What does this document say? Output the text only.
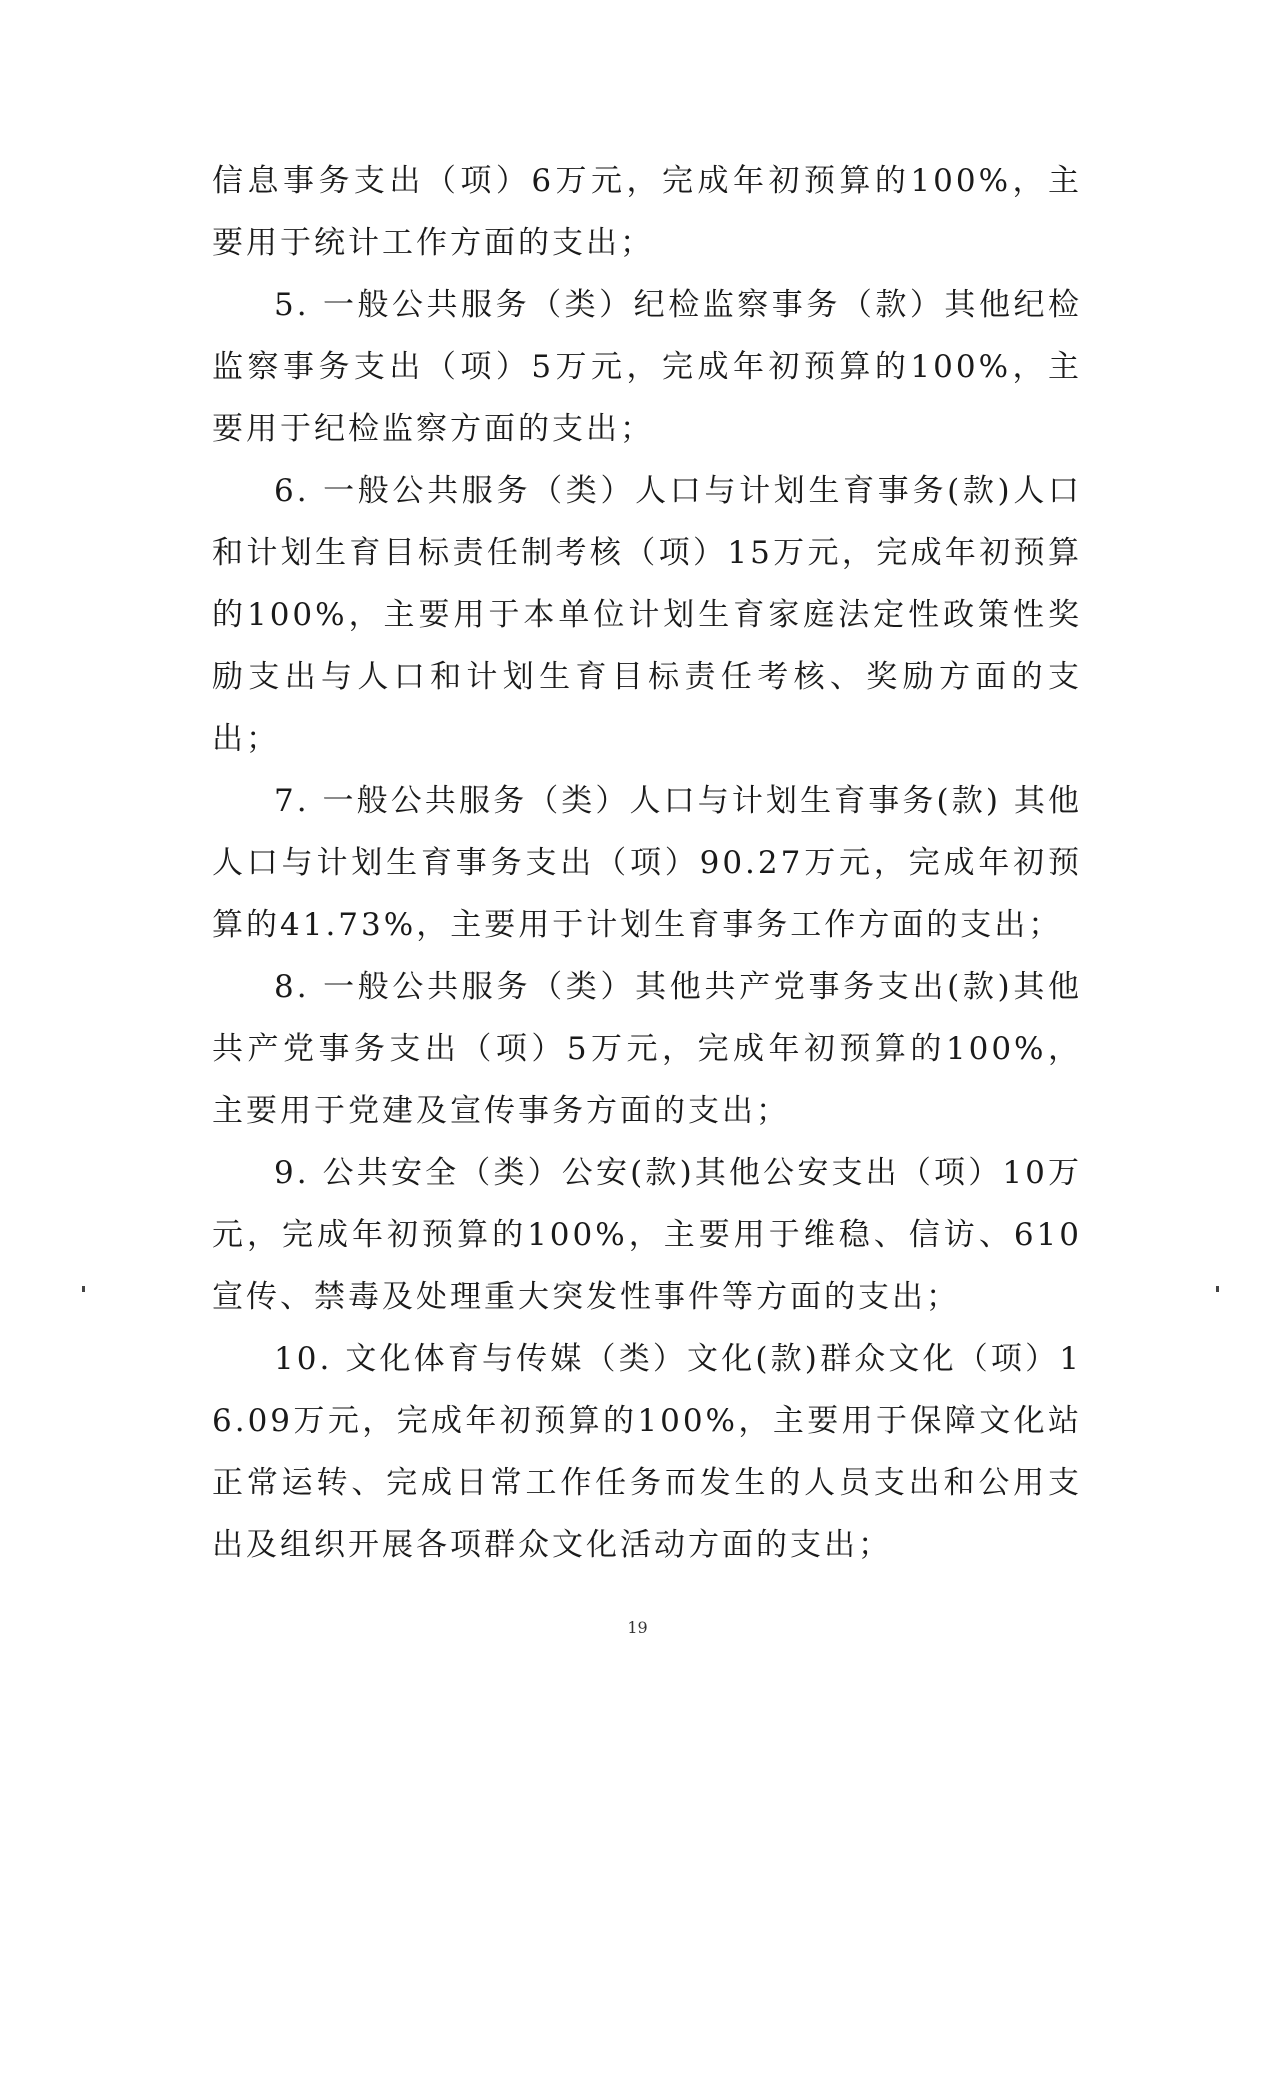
信息事务支出（项）6万元，完成年初预算的100%，主要用于统计工作方面的支出；

5. 一般公共服务（类）纪检监察事务（款）其他纪检监察事务支出（项）5万元，完成年初预算的100%，主要用于纪检监察方面的支出；

6. 一般公共服务（类）人口与计划生育事务(款)人口和计划生育目标责任制考核（项）15万元，完成年初预算的100%，主要用于本单位计划生育家庭法定性政策性奖励支出与人口和计划生育目标责任考核、奖励方面的支出；

7. 一般公共服务（类）人口与计划生育事务(款) 其他人口与计划生育事务支出（项）90.27万元，完成年初预算的41.73%，主要用于计划生育事务工作方面的支出；

8. 一般公共服务（类）其他共产党事务支出(款)其他共产党事务支出（项）5万元，完成年初预算的100%，主要用于党建及宣传事务方面的支出；

9. 公共安全（类）公安(款)其他公安支出（项）10万元，完成年初预算的100%，主要用于维稳、信访、610宣传、禁毒及处理重大突发性事件等方面的支出；

10. 文化体育与传媒（类）文化(款)群众文化（项）16.09万元，完成年初预算的100%，主要用于保障文化站正常运转、完成日常工作任务而发生的人员支出和公用支出及组织开展各项群众文化活动方面的支出；

19
